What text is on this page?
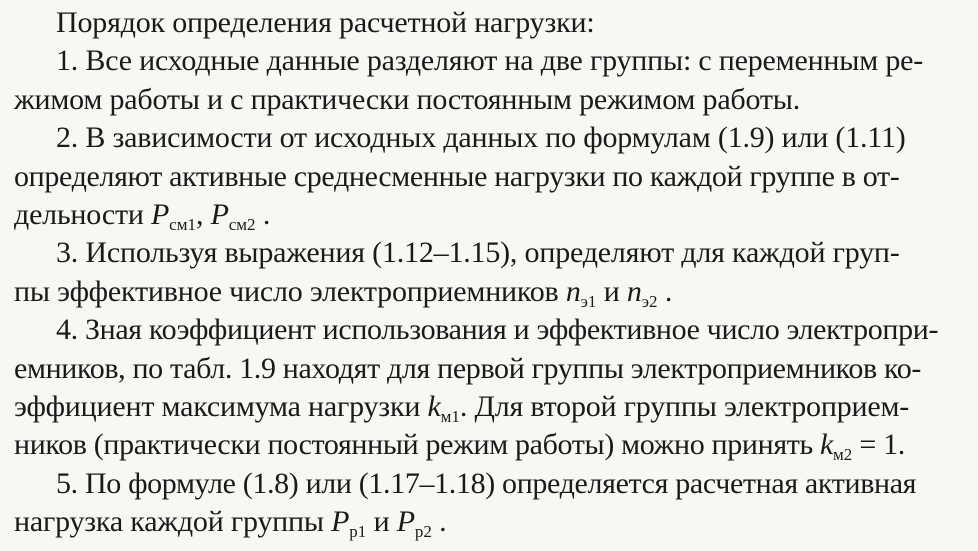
Порядок определения расчетной нагрузки:
1. Все исходные данные разделяют на две группы: с переменным ре-
жимом работы и с практически постоянным режимом работы.
2. В зависимости от исходных данных по формулам (1.9) или (1.11)
определяют активные среднесменные нагрузки по каждой группе в от-
дельности $P_{см1}$, $P_{см2}$ .
3. Используя выражения (1.12–1.15), определяют для каждой груп-
пы эффективное число электроприемников $n_{э1}$ и $n_{э2}$ .
4. Зная коэффициент использования и эффективное число электропри-
емников, по табл. 1.9 находят для первой группы электроприемников ко-
эффициент максимума нагрузки $k_{м1}$. Для второй группы электроприем-
ников (практически постоянный режим работы) можно принять $k_{м2} = 1$.
5. По формуле (1.8) или (1.17–1.18) определяется расчетная активная
нагрузка каждой группы $P_{р1}$ и $P_{р2}$ .
